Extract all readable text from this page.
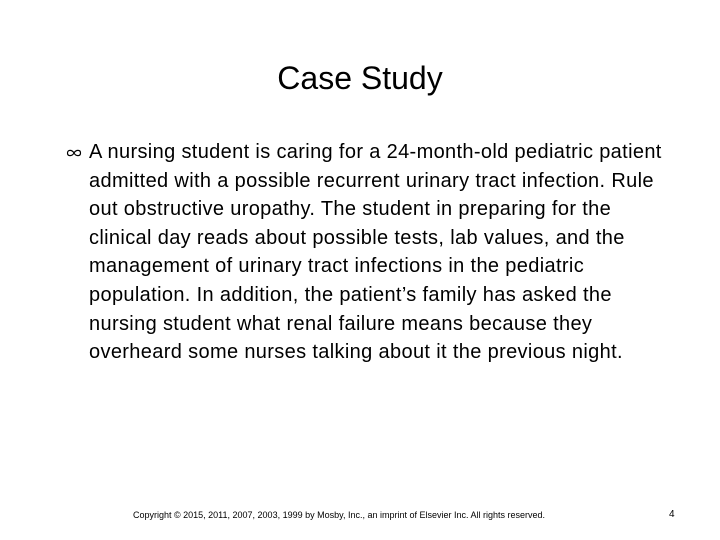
Case Study
A nursing student is caring for a 24-month-old pediatric patient admitted with a possible recurrent urinary tract infection. Rule out obstructive uropathy. The student in preparing for the clinical day reads about possible tests, lab values, and the management of urinary tract infections in the pediatric population. In addition, the patient’s family has asked the nursing student what renal failure means because they overheard some nurses talking about it the previous night.
Copyright © 2015, 2011, 2007, 2003, 1999 by Mosby, Inc., an imprint of Elsevier Inc. All rights reserved.	4
